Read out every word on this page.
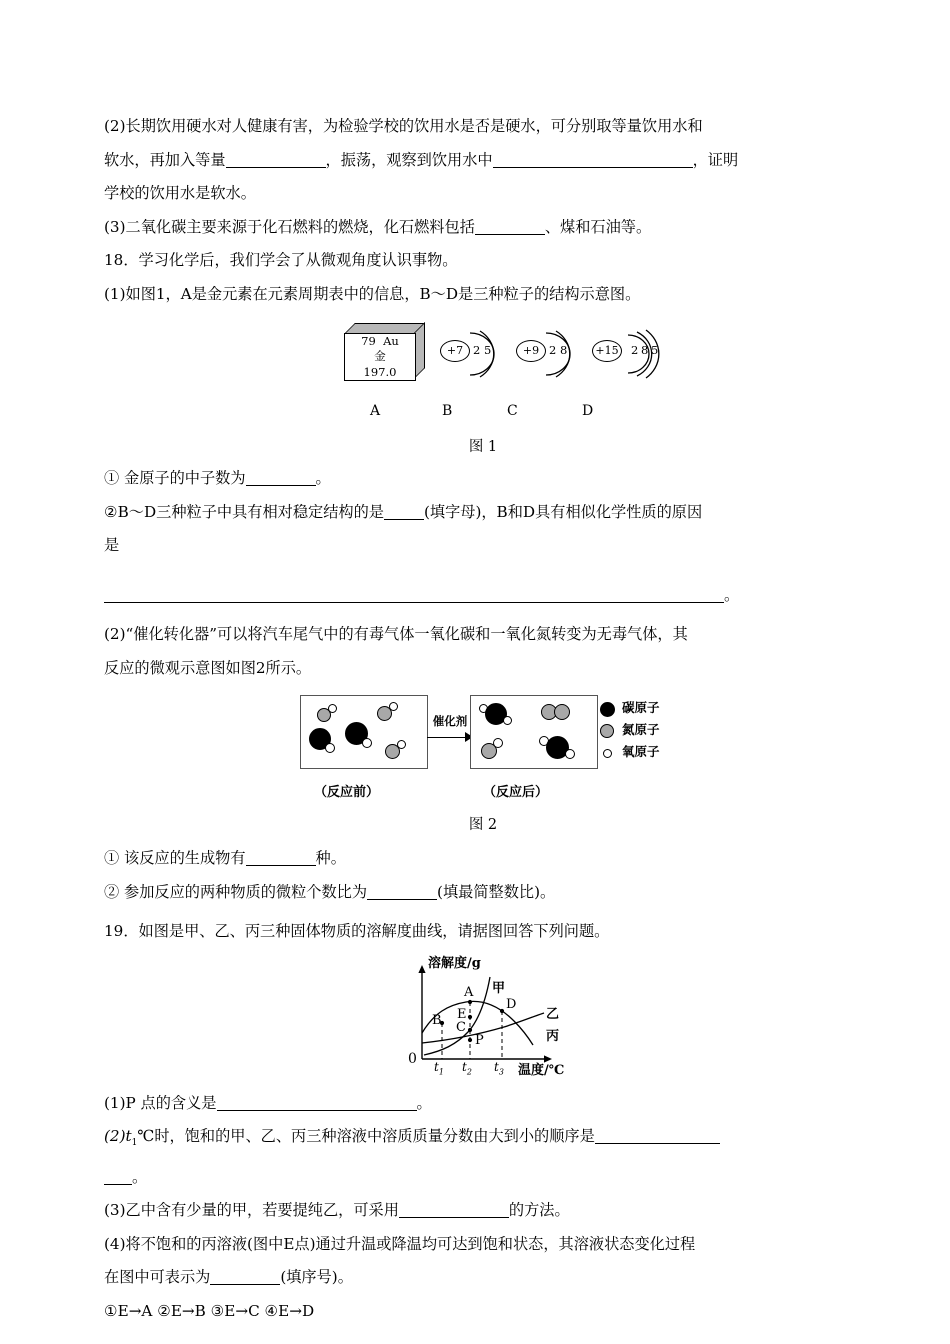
(2)长期饮用硬水对人健康有害，为检验学校的饮用水是否是硬水，可分别取等量饮用水和

软水，再加入等量	，振荡，观察到饮用水中	，证明

学校的饮用水是软水。

(3)二氧化碳主要来源于化石燃料的燃烧，化石燃料包括	、煤和石油等。

18．学习化学后，我们学会了从微观角度认识事物。

(1)如图1，A是金元素在元素周期表中的信息，B～D是三种粒子的结构示意图。

79 Au
金
197.0
+7 2 5	+9 2 8	+15 2 8 5
A	B	C	D
图 1

① 金原子的中子数为	。

②B～D三种粒子中具有相对稳定结构的是	(填字母)，B和D具有相似化学性质的原因

是

。

(2)“催化转化器”可以将汽车尾气中的有毒气体一氧化碳和一氧化氮转变为无毒气体，其

反应的微观示意图如图2所示。

催化剂
碳原子
氮原子
氧原子
（反应前）	（反应后）
图 2

① 该反应的生成物有	种。

② 参加反应的两种物质的微粒个数比为	(填最简整数比)。

19．如图是甲、乙、丙三种固体物质的溶解度曲线，请据图回答下列问题。

B
A
D
E
C
P
甲
乙
丙
0 $t_1$ $t_2$ $t_3$ 温度/℃
溶解度/g

(1)P 点的含义是	。

$(2)t_1℃$时，饱和的甲、乙、丙三种溶液中溶质质量分数由大到小的顺序是

。

(3)乙中含有少量的甲，若要提纯乙，可采用	的方法。

(4)将不饱和的丙溶液(图中E点)通过升温或降温均可达到饱和状态，其溶液状态变化过程

在图中可表示为	(填序号)。

①E→A ②E→B ③E→C ④E→D
